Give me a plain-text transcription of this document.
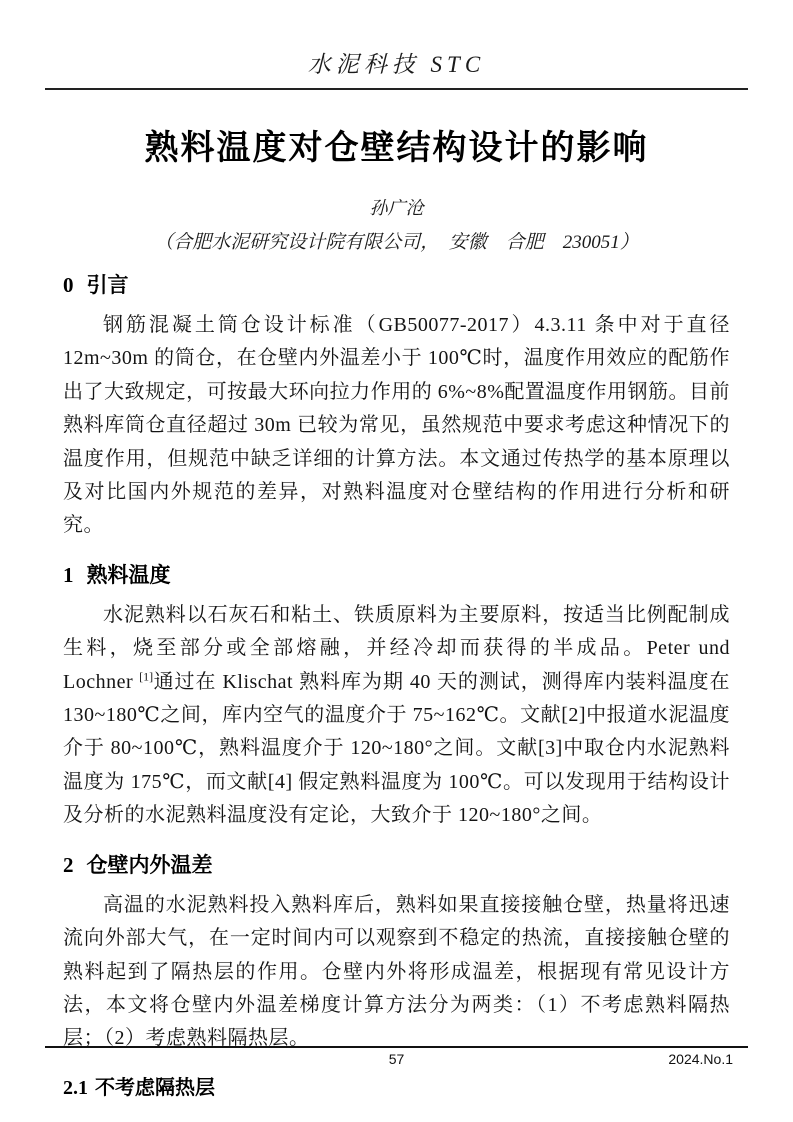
水泥科技 STC
熟料温度对仓壁结构设计的影响
孙广沧
（合肥水泥研究设计院有限公司，　安徽　合肥　230051）
0 引言

钢筋混凝土筒仓设计标准（GB50077-2017）4.3.11 条中对于直径 12m~30m 的筒仓，在仓壁内外温差小于 100℃时，温度作用效应的配筋作出了大致规定，可按最大环向拉力作用的 6%~8%配置温度作用钢筋。目前熟料库筒仓直径超过 30m 已较为常见，虽然规范中要求考虑这种情况下的温度作用，但规范中缺乏详细的计算方法。本文通过传热学的基本原理以及对比国内外规范的差异，对熟料温度对仓壁结构的作用进行分析和研究。

1 熟料温度

水泥熟料以石灰石和粘土、铁质原料为主要原料，按适当比例配制成生料，烧至部分或全部熔融，并经冷却而获得的半成品。Peter und Lochner [1]通过在 Klischat 熟料库为期 40 天的测试，测得库内装料温度在 130~180℃之间，库内空气的温度介于 75~162℃。文献[2]中报道水泥温度介于 80~100℃，熟料温度介于 120~180°之间。文献[3]中取仓内水泥熟料温度为 175℃，而文献[4] 假定熟料温度为 100℃。可以发现用于结构设计及分析的水泥熟料温度没有定论，大致介于 120~180°之间。

2 仓壁内外温差

高温的水泥熟料投入熟料库后，熟料如果直接接触仓壁，热量将迅速流向外部大气，在一定时间内可以观察到不稳定的热流，直接接触仓壁的熟料起到了隔热层的作用。仓壁内外将形成温差，根据现有常见设计方法，本文将仓壁内外温差梯度计算方法分为两类：（1）不考虑熟料隔热层；（2）考虑熟料隔热层。

2.1 不考虑隔热层
57	2024.No.1
